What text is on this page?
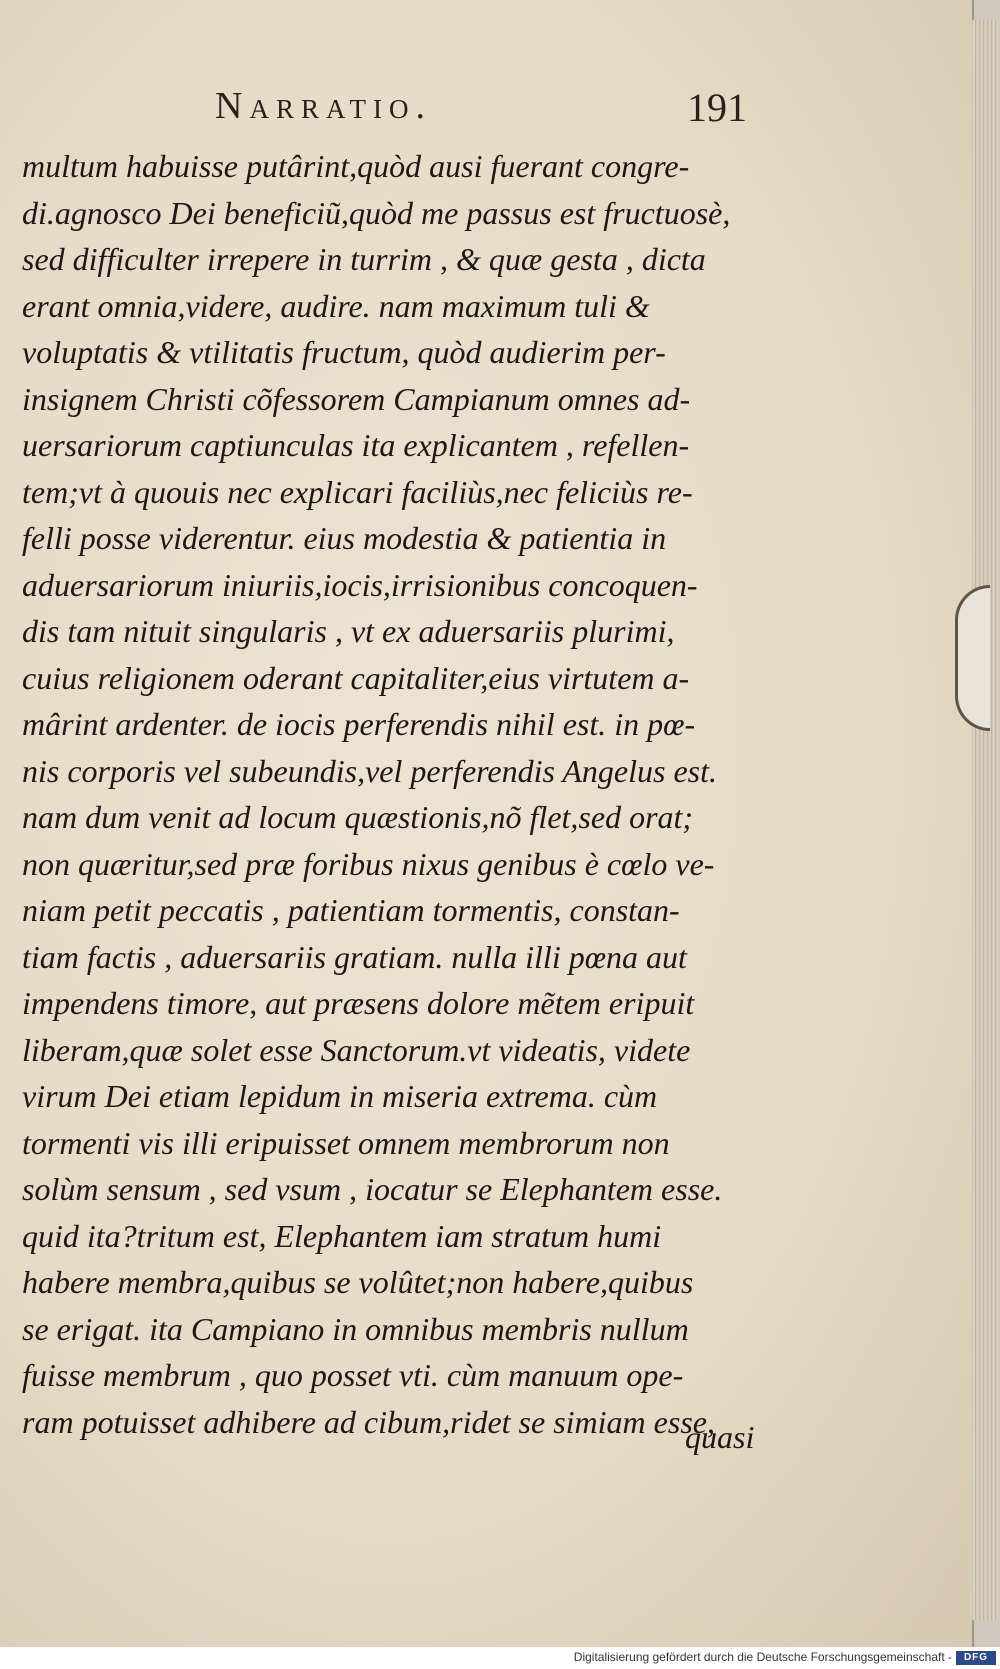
Narratio.	191
multum habuisse putârint,quòd ausi fuerant congre-
di.agnosco Dei beneficiũ,quòd me passus est fructuosè,
sed difficulter irrepere in turrim , & quæ gesta , dicta
erant omnia,videre, audire. nam maximum tuli &
voluptatis & vtilitatis fructum, quòd audierim per-
insignem Christi cõfessorem Campianum omnes ad-
uersariorum captiunculas ita explicantem , refellen-
tem;vt à quouis nec explicari faciliùs,nec feliciùs re-
felli posse viderentur. eius modestia & patientia in
aduersariorum iniuriis,iocis,irrisionibus concoquen-
dis tam nituit singularis , vt ex aduersariis plurimi,
cuius religionem oderant capitaliter,eius virtutem a-
mârint ardenter. de iocis perferendis nihil est. in pœ-
nis corporis vel subeundis,vel perferendis Angelus est.
nam dum venit ad locum quæstionis,nõ flet,sed orat;
non quæritur,sed præ foribus nixus genibus è cœlo ve-
niam petit peccatis , patientiam tormentis, constan-
tiam factis , aduersariis gratiam. nulla illi pœna aut
impendens timore, aut præsens dolore mẽtem eripuit
liberam,quæ solet esse Sanctorum.vt videatis, videte
virum Dei etiam lepidum in miseria extrema. cùm
tormenti vis illi eripuisset omnem membrorum non
solùm sensum , sed vsum , iocatur se Elephantem esse.
quid ita?tritum est, Elephantem iam stratum humi
habere membra,quibus se volûtet;non habere,quibus
se erigat. ita Campiano in omnibus membris nullum
fuisse membrum , quo posset vti. cùm manuum ope-
ram potuisset adhibere ad cibum,ridet se simiam esse,
quasi
Digitalisierung gefördert durch die Deutsche Forschungsgemeinschaft -	DFG
